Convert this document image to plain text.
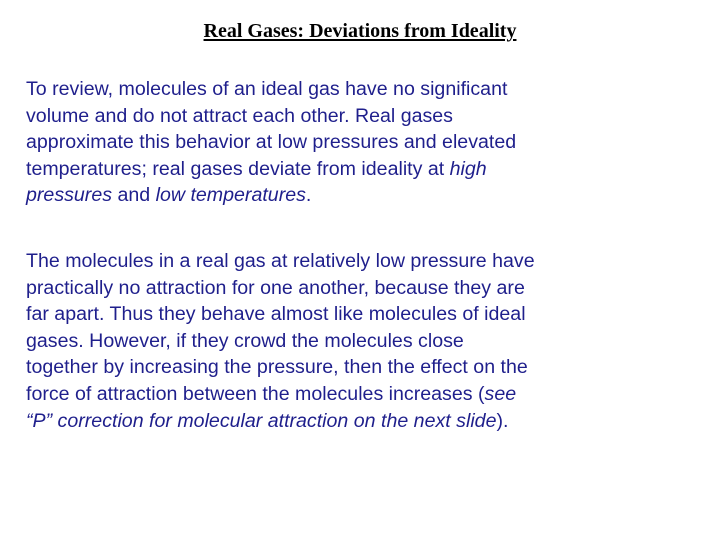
Real Gases: Deviations from Ideality

To review, molecules of an ideal gas have no significant
volume and do not attract each other. Real gases
approximate this behavior at low pressures and elevated
temperatures; real gases deviate from ideality at high
pressures and low temperatures.

The molecules in a real gas at relatively low pressure have
practically no attraction for one another, because they are
far apart. Thus they behave almost like molecules of ideal
gases. However, if they crowd the molecules close
together by increasing the pressure, then the effect on the
force of attraction between the molecules increases (see
“P” correction for molecular attraction on the next slide).
